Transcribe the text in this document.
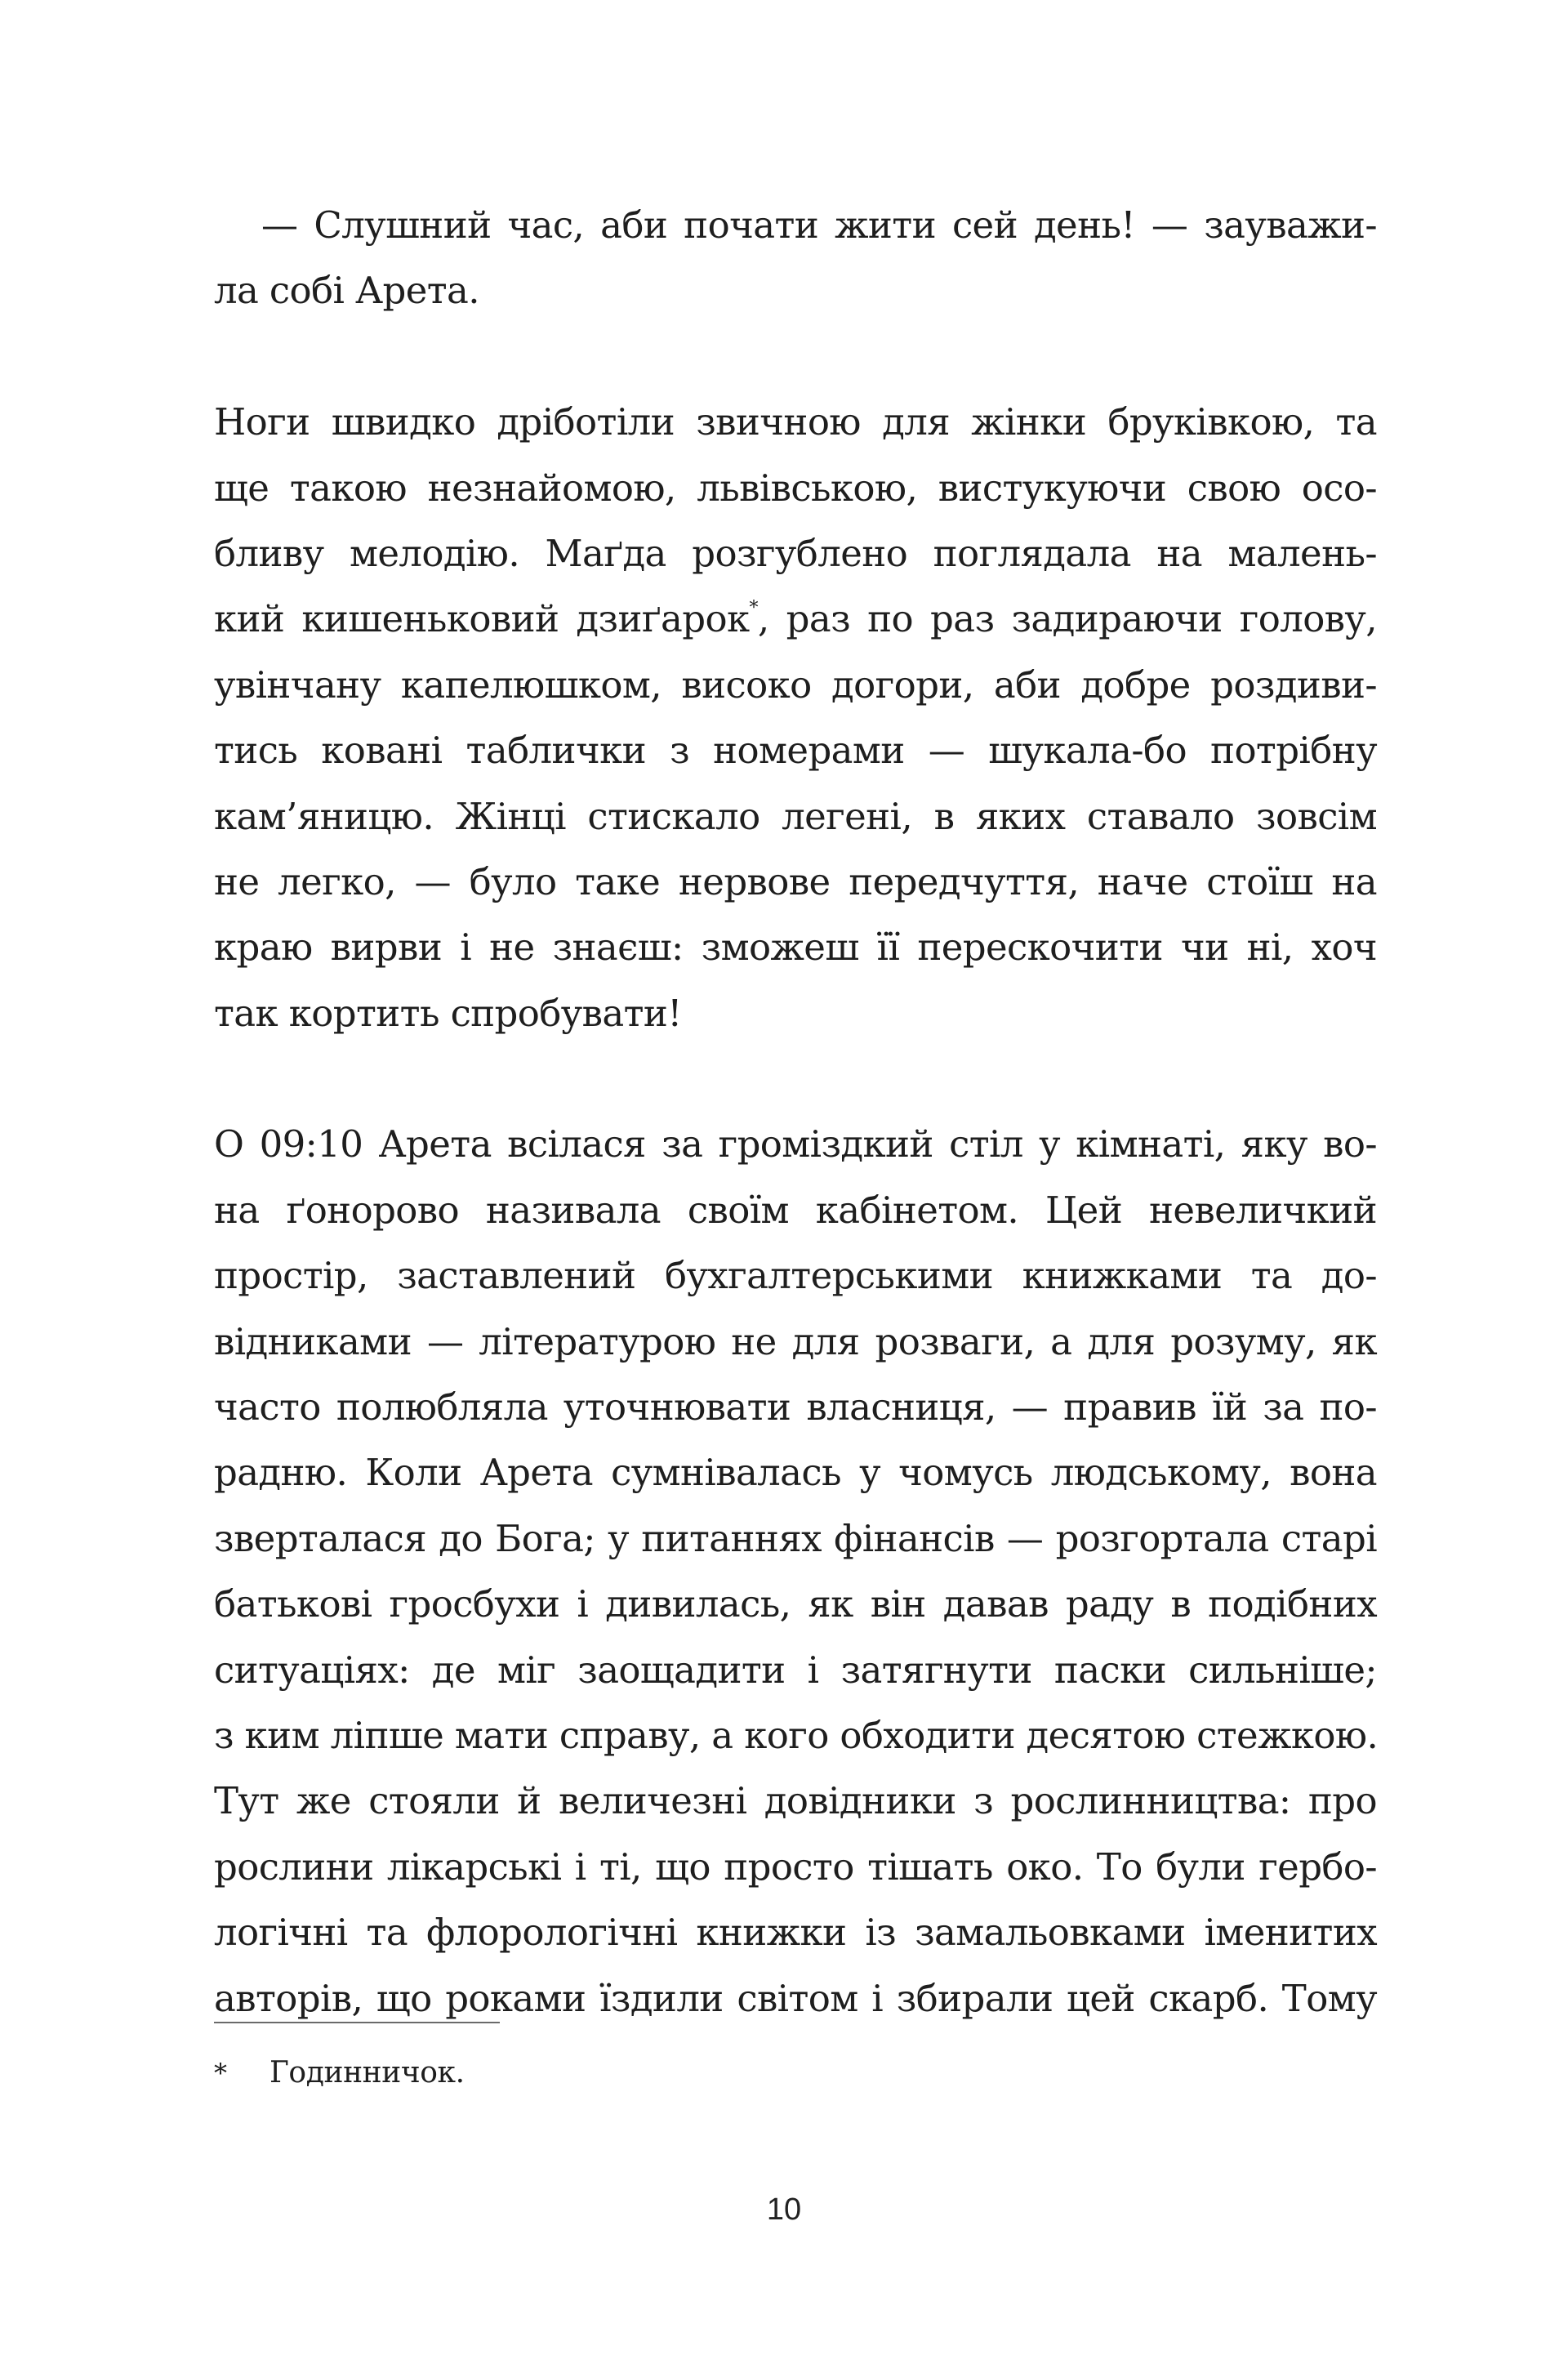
— Слушний час, аби почати жити сей день! — зауважи-
ла собі Арета.

Ноги швидко дріботіли звичною для жінки бруківкою, та
ще такою незнайомою, львівською, вистукуючи свою осо-
бливу мелодію. Маґда розгублено поглядала на малень-
кий кишеньковий дзиґарок*, раз по раз задираючи голову,
увінчану капелюшком, високо догори, аби добре роздиви-
тись ковані таблички з номерами — шукала-бо потрібну
кам’яницю. Жінці стискало легені, в яких ставало зовсім
не легко, — було таке нервове передчуття, наче стоїш на
краю вирви і не знаєш: зможеш її перескочити чи ні, хоч
так кортить спробувати!

О 09:10 Арета всілася за громіздкий стіл у кімнаті, яку во-
на ґонорово називала своїм кабінетом. Цей невеличкий
простір, заставлений бухгалтерськими книжками та до-
відниками — літературою не для розваги, а для розуму, як
часто полюбляла уточнювати власниця, — правив їй за по-
радню. Коли Арета сумнівалась у чомусь людському, вона
зверталася до Бога; у питаннях фінансів — розгортала старі
батькові гросбухи і дивилась, як він давав раду в подібних
ситуаціях: де міг заощадити і затягнути паски сильніше;
з ким ліпше мати справу, а кого обходити десятою стежкою.
Тут же стояли й величезні довідники з рослинництва: про
рослини лікарські і ті, що просто тішать око. То були гербо-
логічні та флорологічні книжки із замальовками іменитих
авторів, що роками їздили світом і збирали цей скарб. Тому

* Годинничок.
10
